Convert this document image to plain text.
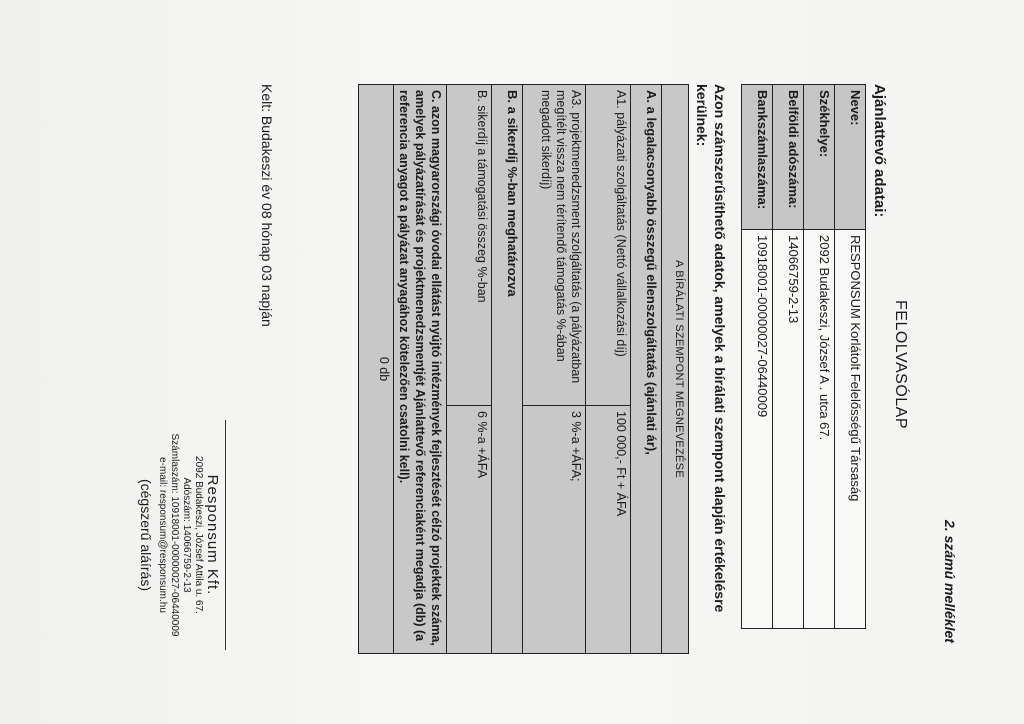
2. számú melléklet
FELOLVASÓLAP
Ajánlattevő adatai:
Neve:	RESPONSUM Korlátolt Felelősségű Társaság
Székhelye:	2092 Budakeszi, József A . utca 67.
Belföldi adószáma:	14066759-2-13
Bankszámlaszáma:	10918001-00000027-06440009
Azon számszerűsíthető adatok, amelyek a bírálati szempont alapján értékelésre kerülnek:
A BÍRÁLATI SZEMPONT MEGNEVEZÉSE	
A. a legalacsonyabb összegű ellenszolgáltatás (ajánlati ár),	
A1. pályázati szolgáltatás (Nettó vállalkozási díj)	100 000,- Ft + ÁFA
A3. projektmenedzsment szolgáltatás (a pályázatban megítélt vissza nem térítendő támogatás %-ában megadott sikerdíj)	3 %-a +ÁFA;
B. a sikerdíj %-ban meghatározva	
B. sikerdíj a támogatási összeg %-ban	6 %-a +ÁFA
C. azon magyarországi óvodai ellátást nyújtó intézmények fejlesztését célzó projektek száma, amelyek pályázatírását és projektmenedzsmentjét Ajánlattevő referenciaként megadja (db) (a referencia anyagot a pályázat anyagához kötelezően csatolni kell).	
0 db	
Kelt: Budakeszi év 08 hónap 03 napján
Responsum Kft.
2092 Budakeszi, József Attila u. 67.
Adószám: 14066759-2-13
Számlaszám: 10918001-00000027-06440009
e-mail: responsum@responsum.hu
(cégszerű aláírás)
